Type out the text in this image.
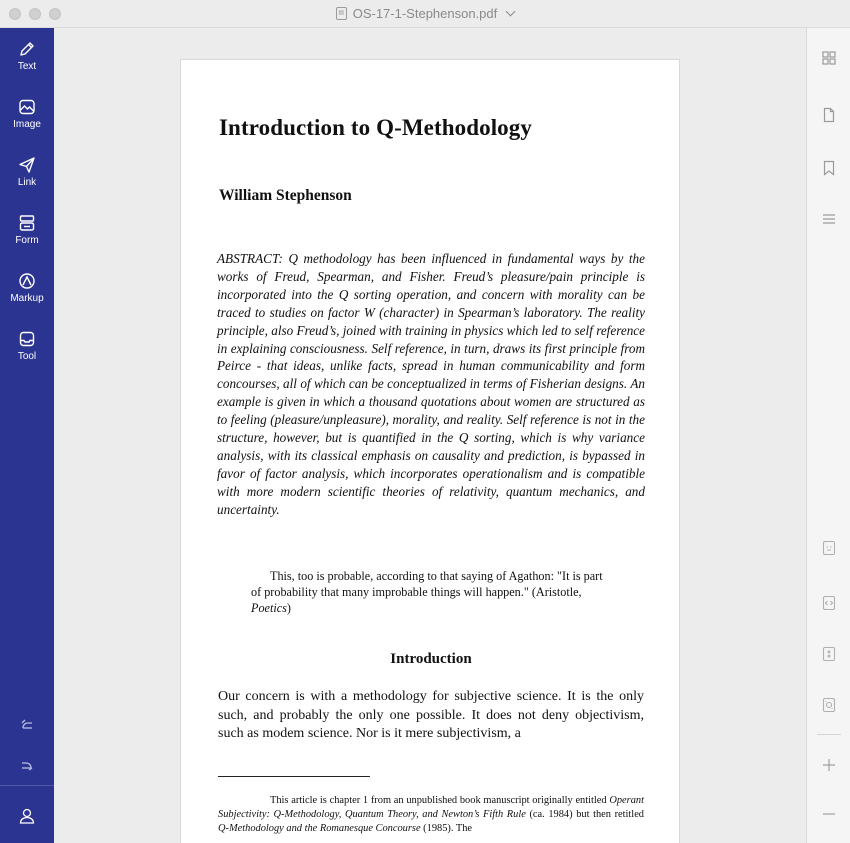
▤ OS-17-1-Stephenson.pdf
Text
Image
Link
Form
Markup
Tool
Introduction to Q-Methodology
William Stephenson
ABSTRACT: Q methodology has been influenced in fundamental ways by the works of Freud, Spearman, and Fisher. Freud’s pleasure/pain principle is incorporated into the Q sorting operation, and concern with morality can be traced to studies on factor W (character) in Spearman’s laboratory. The reality principle, also Freud’s, joined with training in physics which led to self reference in explaining consciousness. Self reference, in turn, draws its first principle from Peirce - that ideas, unlike facts, spread in human communicability and form concourses, all of which can be conceptualized in terms of Fisherian designs. An example is given in which a thousand quotations about women are structured as to feeling (pleasure/unpleasure), morality, and reality. Self reference is not in the structure, however, but is quantified in the Q sorting, which is why variance analysis, with its classical emphasis on causality and prediction, is bypassed in favor of factor analysis, which incorporates operationalism and is compatible with more modern scientific theories of relativity, quantum mechanics, and uncertainty.
This, too is probable, according to that saying of Agathon: "It is part of probability that many improbable things will happen." (Aristotle, Poetics)
Introduction
Our concern is with a methodology for subjective science. It is the only such, and probably the only one possible. It does not deny objectivism, such as modem science. Nor is it mere subjectivism, a
This article is chapter 1 from an unpublished book manuscript originally entitled Operant Subjectivity: Q-Methodology, Quantum Theory, and Newton’s Fifth Rule (ca. 1984) but then retitled Q-Methodology and the Romanesque Concourse (1985). The
